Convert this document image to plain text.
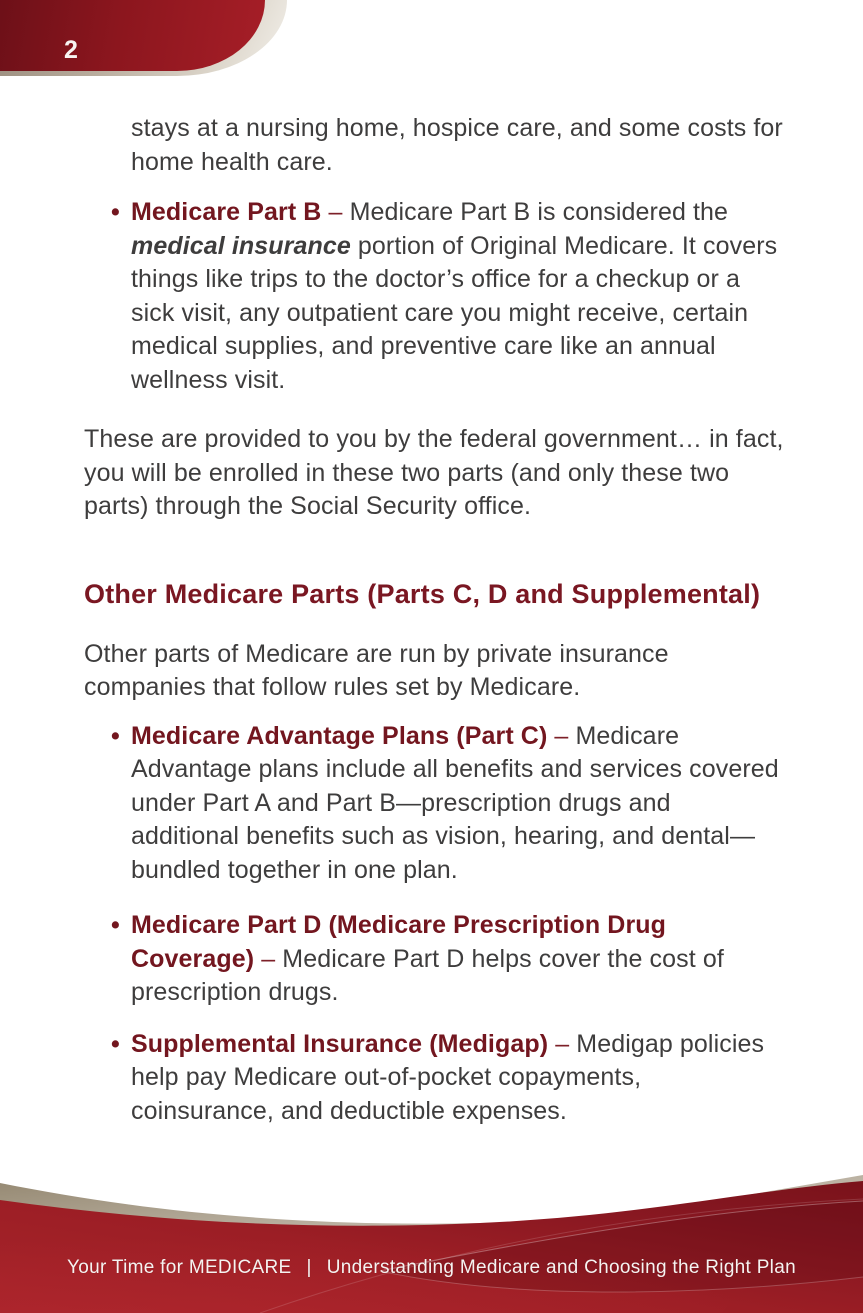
2
stays at a nursing home, hospice care, and some costs for home health care.
• Medicare Part B – Medicare Part B is considered the medical insurance portion of Original Medicare. It covers things like trips to the doctor’s office for a checkup or a sick visit, any outpatient care you might receive, certain medical supplies, and preventive care like an annual wellness visit.
These are provided to you by the federal government… in fact, you will be enrolled in these two parts (and only these two parts) through the Social Security office.
Other Medicare Parts (Parts C, D and Supplemental)
Other parts of Medicare are run by private insurance companies that follow rules set by Medicare.
• Medicare Advantage Plans (Part C) – Medicare Advantage plans include all benefits and services covered under Part A and Part B—prescription drugs and additional benefits such as vision, hearing, and dental—bundled together in one plan.
• Medicare Part D (Medicare Prescription Drug Coverage) – Medicare Part D helps cover the cost of prescription drugs.
• Supplemental Insurance (Medigap) – Medigap policies help pay Medicare out-of-pocket copayments, coinsurance, and deductible expenses.
Your Time for MEDICARE | Understanding Medicare and Choosing the Right Plan
